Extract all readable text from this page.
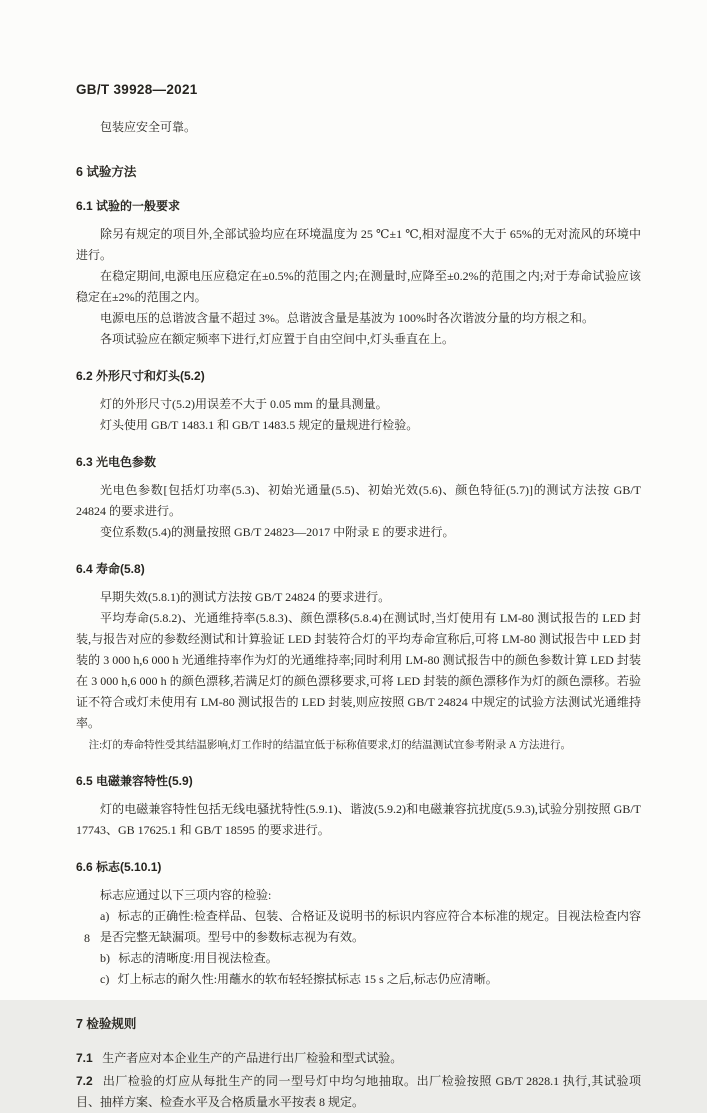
GB/T 39928—2021

包装应安全可靠。

6 试验方法
6.1 试验的一般要求

除另有规定的项目外,全部试验均应在环境温度为 25 ℃±1 ℃,相对湿度不大于 65%的无对流风的环境中进行。

在稳定期间,电源电压应稳定在±0.5%的范围之内;在测量时,应降至±0.2%的范围之内;对于寿命试验应该稳定在±2%的范围之内。

电源电压的总谐波含量不超过 3%。总谐波含量是基波为 100%时各次谐波分量的均方根之和。

各项试验应在额定频率下进行,灯应置于自由空间中,灯头垂直在上。

6.2 外形尺寸和灯头(5.2)

灯的外形尺寸(5.2)用误差不大于 0.05 mm 的量具测量。

灯头使用 GB/T 1483.1 和 GB/T 1483.5 规定的量规进行检验。

6.3 光电色参数

光电色参数[包括灯功率(5.3)、初始光通量(5.5)、初始光效(5.6)、颜色特征(5.7)]的测试方法按 GB/T 24824 的要求进行。

变位系数(5.4)的测量按照 GB/T 24823—2017 中附录 E 的要求进行。

6.4 寿命(5.8)

早期失效(5.8.1)的测试方法按 GB/T 24824 的要求进行。

平均寿命(5.8.2)、光通维持率(5.8.3)、颜色漂移(5.8.4)在测试时,当灯使用有 LM-80 测试报告的 LED 封装,与报告对应的参数经测试和计算验证 LED 封装符合灯的平均寿命宣称后,可将 LM-80 测试报告中 LED 封装的 3 000 h,6 000 h 光通维持率作为灯的光通维持率;同时利用 LM-80 测试报告中的颜色参数计算 LED 封装在 3 000 h,6 000 h 的颜色漂移,若满足灯的颜色漂移要求,可将 LED 封装的颜色漂移作为灯的颜色漂移。若验证不符合或灯未使用有 LM-80 测试报告的 LED 封装,则应按照 GB/T 24824 中规定的试验方法测试光通维持率。

注:灯的寿命特性受其结温影响,灯工作时的结温宜低于标称值要求,灯的结温测试宜参考附录 A 方法进行。

6.5 电磁兼容特性(5.9)

灯的电磁兼容特性包括无线电骚扰特性(5.9.1)、谐波(5.9.2)和电磁兼容抗扰度(5.9.3),试验分别按照 GB/T 17743、GB 17625.1 和 GB/T 18595 的要求进行。

6.6 标志(5.10.1)

标志应通过以下三项内容的检验:

a) 标志的正确性:检查样品、包装、合格证及说明书的标识内容应符合本标准的规定。目视法检查内容是否完整无缺漏项。型号中的参数标志视为有效。

b) 标志的清晰度:用目视法检查。

c) 灯上标志的耐久性:用蘸水的软布轻轻擦拭标志 15 s 之后,标志仍应清晰。

7 检验规则

7.1 生产者应对本企业生产的产品进行出厂检验和型式试验。

7.2 出厂检验的灯应从每批生产的同一型号灯中均匀地抽取。出厂检验按照 GB/T 2828.1 执行,其试验项目、抽样方案、检查水平及合格质量水平按表 8 规定。

8
